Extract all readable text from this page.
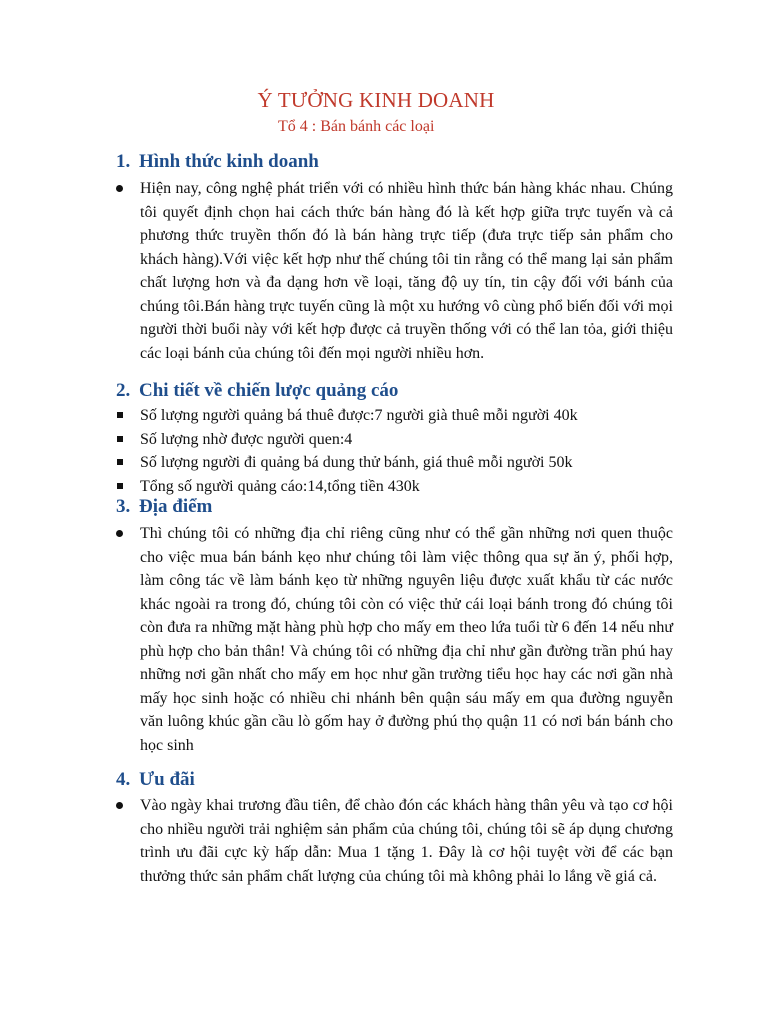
Ý TƯỞNG KINH DOANH
Tổ 4 : Bán bánh các loại
1. Hình thức kinh doanh

Hiện nay, công nghệ phát triển với có nhiều hình thức bán hàng khác nhau. Chúng tôi quyết định chọn hai cách thức bán hàng đó là kết hợp giữa trực tuyến và cả phương thức truyền thốn đó là bán hàng trực tiếp (đưa trực tiếp sản phẩm cho khách hàng).Với việc kết hợp như thế chúng tôi tin rằng có thể mang lại sản phẩm chất lượng hơn và đa dạng hơn về loại, tăng độ uy tín, tin cậy đối với bánh của chúng tôi.Bán hàng trực tuyến cũng là một xu hướng vô cùng phổ biến đối với mọi người thời buổi này với kết hợp được cả truyền thống với có thể lan tỏa, giới thiệu các loại bánh của chúng tôi đến mọi người nhiều hơn.

2. Chi tiết về chiến lược quảng cáo
Số lượng người quảng bá thuê được:7 người già thuê mỗi người 40k
Số lượng nhờ được người quen:4
Số lượng người đi quảng bá dung thử bánh, giá thuê mỗi người 50k
Tổng số người quảng cáo:14,tổng tiền 430k
3. Địa điểm

Thì chúng tôi có những địa chỉ riêng cũng như có thể gần những nơi quen thuộc cho việc mua bán bánh kẹo như chúng tôi làm việc thông qua sự ăn ý, phối hợp, làm công tác về làm bánh kẹo từ những nguyên liệu được xuất khẩu từ các nước khác ngoài ra trong đó, chúng tôi còn có việc thử cái loại bánh trong đó chúng tôi còn đưa ra những mặt hàng phù hợp cho mấy em theo lứa tuổi từ 6 đến 14 nếu như phù hợp cho bản thân! Và chúng tôi có những địa chỉ như gần đường trần phú hay những nơi gần nhất cho mấy em học như gần trường tiểu học hay các nơi gần nhà mấy học sinh hoặc có nhiều chi nhánh bên quận sáu mấy em qua đường nguyễn văn luông khúc gần cầu lò gốm hay ở đường phú thọ quận 11 có nơi bán bánh cho học sinh

4. Ưu đãi

Vào ngày khai trương đầu tiên, để chào đón các khách hàng thân yêu và tạo cơ hội cho nhiều người trải nghiệm sản phẩm của chúng tôi, chúng tôi sẽ áp dụng chương trình ưu đãi cực kỳ hấp dẫn: Mua 1 tặng 1. Đây là cơ hội tuyệt vời để các bạn thưởng thức sản phẩm chất lượng của chúng tôi mà không phải lo lắng về giá cả.
